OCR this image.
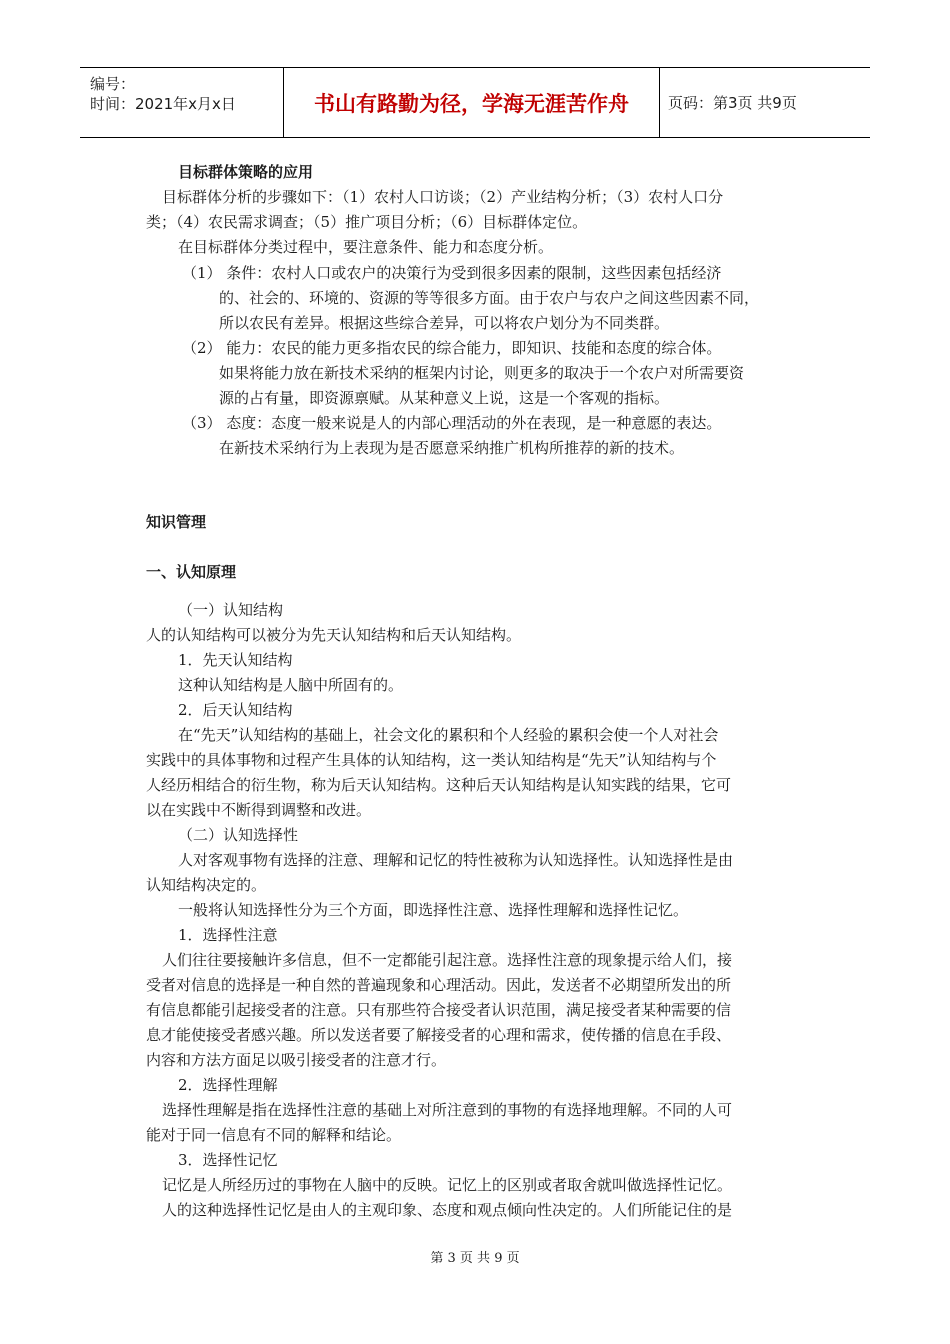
编号：
时间：2021年x月x日	书山有路勤为径，学海无涯苦作舟	页码：第3页 共9页
目标群体策略的应用
目标群体分析的步骤如下：（1）农村人口访谈；（2）产业结构分析；（3）农村人口分
类；（4）农民需求调查；（5）推广项目分析；（6）目标群体定位。
在目标群体分类过程中，要注意条件、能力和态度分析。
（1） 条件：农村人口或农户的决策行为受到很多因素的限制，这些因素包括经济
的、社会的、环境的、资源的等等很多方面。由于农户与农户之间这些因素不同，
所以农民有差异。根据这些综合差异，可以将农户划分为不同类群。
（2） 能力：农民的能力更多指农民的综合能力，即知识、技能和态度的综合体。
如果将能力放在新技术采纳的框架内讨论，则更多的取决于一个农户对所需要资
源的占有量，即资源禀赋。从某种意义上说，这是一个客观的指标。
（3） 态度：态度一般来说是人的内部心理活动的外在表现，是一种意愿的表达。
在新技术采纳行为上表现为是否愿意采纳推广机构所推荐的新的技术。
知识管理
一、认知原理
（一）认知结构
人的认知结构可以被分为先天认知结构和后天认知结构。
1．先天认知结构
这种认知结构是人脑中所固有的。
2．后天认知结构
在“先天”认知结构的基础上，社会文化的累积和个人经验的累积会使一个人对社会
实践中的具体事物和过程产生具体的认知结构，这一类认知结构是“先天”认知结构与个
人经历相结合的衍生物，称为后天认知结构。这种后天认知结构是认知实践的结果，它可
以在实践中不断得到调整和改进。
（二）认知选择性
人对客观事物有选择的注意、理解和记忆的特性被称为认知选择性。认知选择性是由
认知结构决定的。
一般将认知选择性分为三个方面，即选择性注意、选择性理解和选择性记忆。
1．选择性注意
人们往往要接触许多信息，但不一定都能引起注意。选择性注意的现象提示给人们，接
受者对信息的选择是一种自然的普遍现象和心理活动。因此，发送者不必期望所发出的所
有信息都能引起接受者的注意。只有那些符合接受者认识范围，满足接受者某种需要的信
息才能使接受者感兴趣。所以发送者要了解接受者的心理和需求，使传播的信息在手段、
内容和方法方面足以吸引接受者的注意才行。
2．选择性理解
选择性理解是指在选择性注意的基础上对所注意到的事物的有选择地理解。不同的人可
能对于同一信息有不同的解释和结论。
3．选择性记忆
记忆是人所经历过的事物在人脑中的反映。记忆上的区别或者取舍就叫做选择性记忆。
人的这种选择性记忆是由人的主观印象、态度和观点倾向性决定的。人们所能记住的是
第 3 页 共 9 页
